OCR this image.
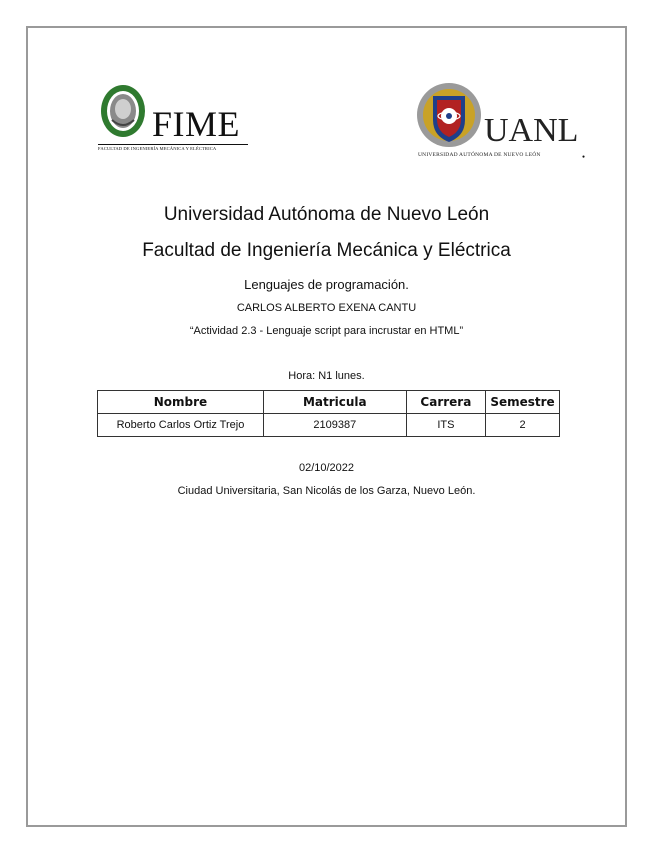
FIME
FACULTAD DE INGENIERÍA MECÁNICA Y ELÉCTRICA	UANL
UNIVERSIDAD AUTÓNOMA DE NUEVO LEÓN	●
Universidad Autónoma de Nuevo León
Facultad de Ingeniería Mecánica y Eléctrica
Lenguajes de programación.
CARLOS ALBERTO EXENA CANTU
“Actividad 2.3 - Lenguaje script para incrustar en HTML”
Hora: N1 lunes.
Nombre	Matricula	Carrera	Semestre
Roberto Carlos Ortiz Trejo	2109387	ITS	2
02/10/2022
Ciudad Universitaria, San Nicolás de los Garza, Nuevo León.
